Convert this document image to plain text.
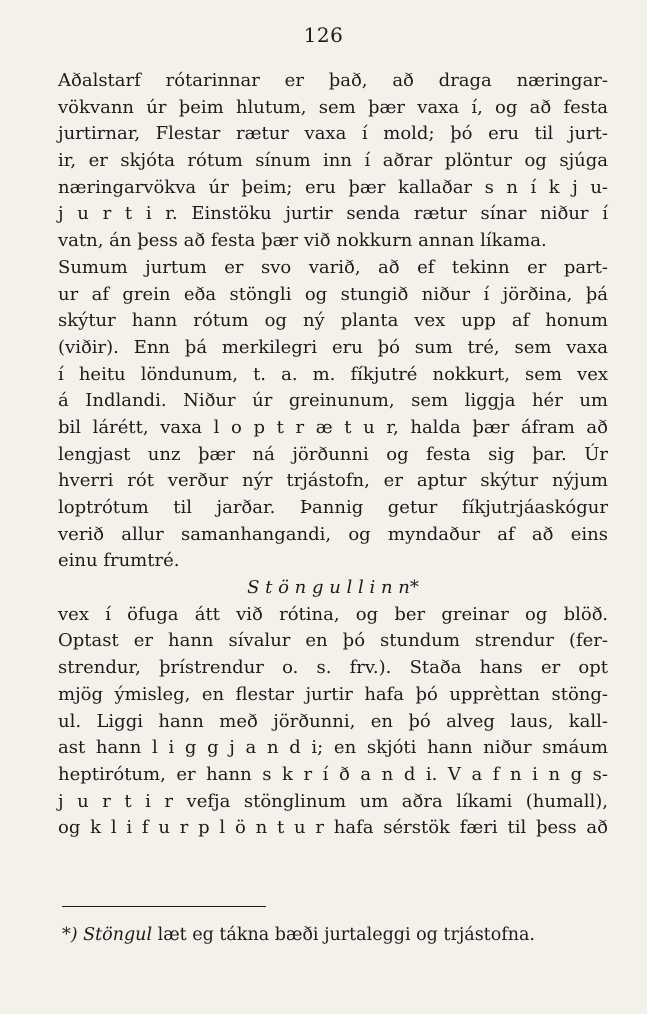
126
Aðalstarf rótarinnar er það, að draga næringar-
vökvann úr þeim hlutum, sem þær vaxa í, og að festa
jurtirnar, Flestar rætur vaxa í mold; þó eru til jurt-
ir, er skjóta rótum sínum inn í aðrar plöntur og sjúga
næringarvökva úr þeim; eru þær kallaðar s n í k j u-
j u r t i r. Einstöku jurtir senda rætur sínar niður í
vatn, án þess að festa þær við nokkurn annan líkama.
Sumum jurtum er svo varið, að ef tekinn er part-
ur af grein eða stöngli og stungið niður í jörðina, þá
skýtur hann rótum og ný planta vex upp af honum
(viðir). Enn þá merkilegri eru þó sum tré, sem vaxa
í heitu löndunum, t. a. m. fíkjutré nokkurt, sem vex
á Indlandi. Niður úr greinunum, sem liggja hér um
bil lárétt, vaxa l o p t r æ t u r, halda þær áfram að
lengjast unz þær ná jörðunni og festa sig þar. Úr
hverri rót verður nýr trjástofn, er aptur skýtur nýjum
loptrótum til jarðar. Þannig getur fíkjutrjáaskógur
verið allur samanhangandi, og myndaður af að eins
einu frumtré.
S t ö n g u l l i n n*
vex í öfuga átt við rótina, og ber greinar og blöð.
Optast er hann sívalur en þó stundum strendur (fer-
strendur, þrístrendur o. s. frv.). Staða hans er opt
mjög ýmisleg, en flestar jurtir hafa þó upprèttan stöng-
ul. Liggi hann með jörðunni, en þó alveg laus, kall-
ast hann l i g g j a n d i; en skjóti hann niður smáum
heptirótum, er hann s k r í ð a n d i. V a f n i n g s-
j u r t i r vefja stönglinum um aðra líkami (humall),
og k l i f u r p l ö n t u r hafa sérstök færi til þess að
*) Stöngul læt eg tákna bæði jurtaleggi og trjástofna.
